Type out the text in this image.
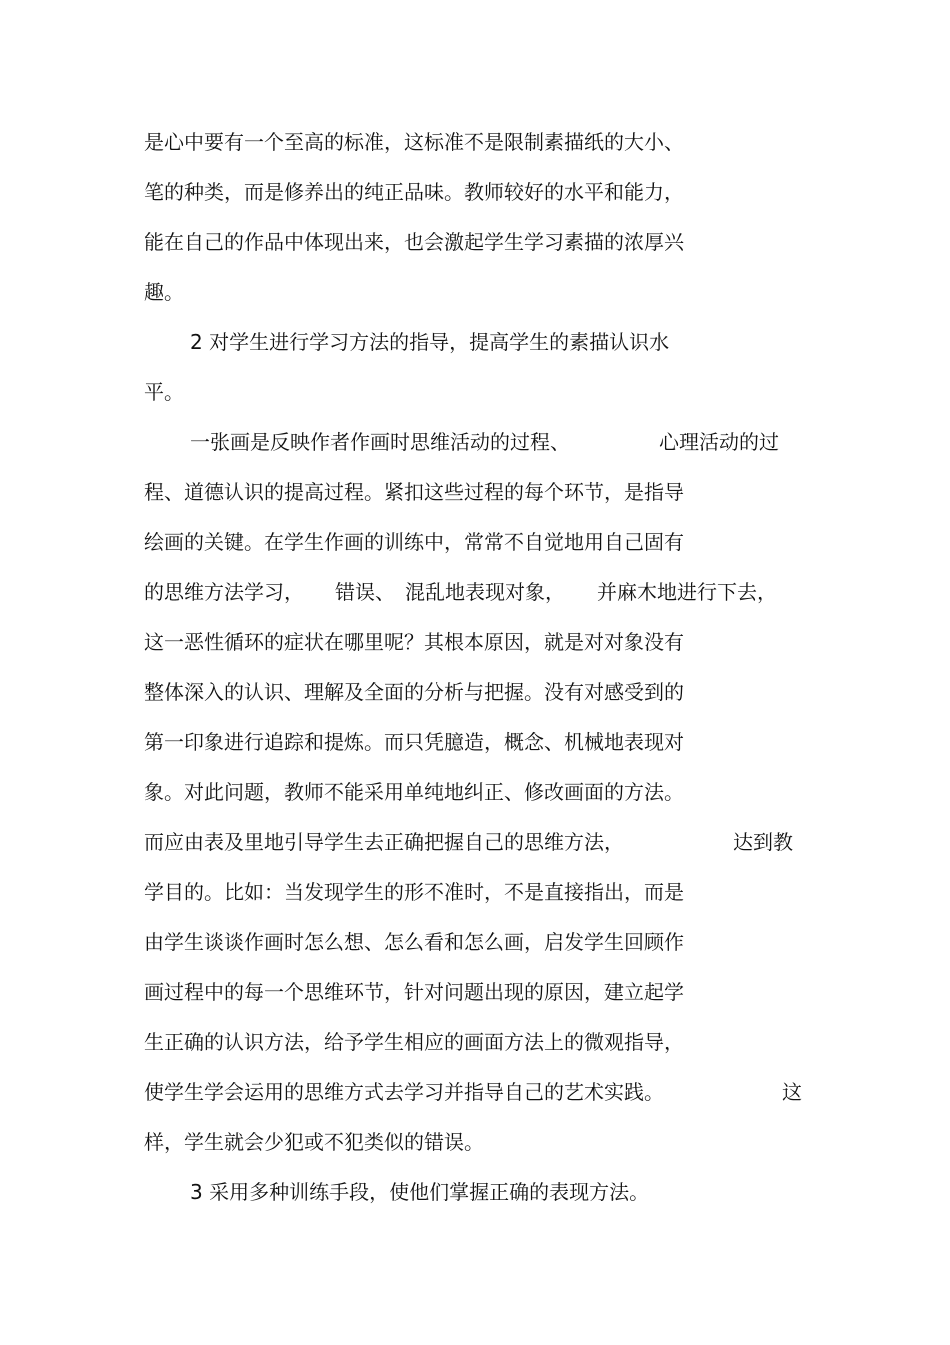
是心中要有一个至高的标准，这标准不是限制素描纸的大小、
笔的种类，而是修养出的纯正品味。教师较好的水平和能力，
能在自己的作品中体现出来，也会激起学生学习素描的浓厚兴
趣。
2 对学生进行学习方法的指导，提高学生的素描认识水
平。
一张画是反映作者作画时思维活动的过程、	心理活动的过
程、道德认识的提高过程。紧扣这些过程的每个环节，是指导
绘画的关键。在学生作画的训练中，常常不自觉地用自己固有
的思维方法学习， 错误、 混乱地表现对象， 并麻木地进行下去，
这一恶性循环的症状在哪里呢？其根本原因，就是对对象没有
整体深入的认识、理解及全面的分析与把握。没有对感受到的
第一印象进行追踪和提炼。而只凭臆造，概念、机械地表现对
象。对此问题，教师不能采用单纯地纠正、修改画面的方法。
而应由表及里地引导学生去正确把握自己的思维方法，	达到教
学目的。比如：当发现学生的形不准时，不是直接指出，而是
由学生谈谈作画时怎么想、怎么看和怎么画，启发学生回顾作
画过程中的每一个思维环节，针对问题出现的原因，建立起学
生正确的认识方法，给予学生相应的画面方法上的微观指导，
使学生学会运用的思维方式去学习并指导自己的艺术实践。	这
样，学生就会少犯或不犯类似的错误。
3 采用多种训练手段，使他们掌握正确的表现方法。
